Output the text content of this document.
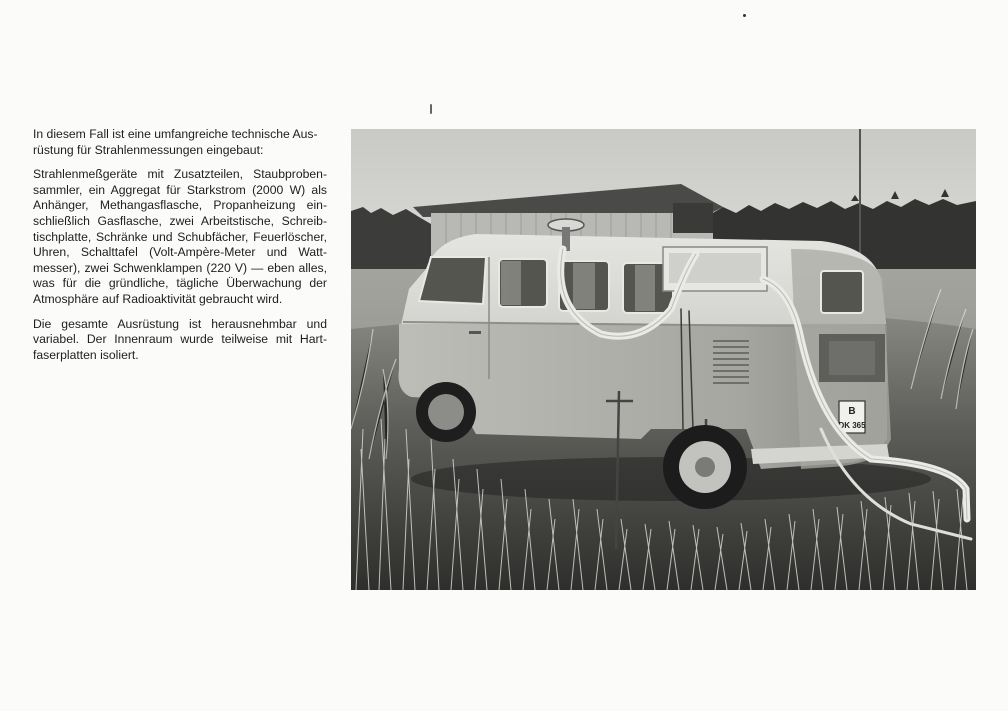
In diesem Fall ist eine umfangreiche technische Ausrüstung für Strahlenmessungen eingebaut:

Strahlenmeßgeräte mit Zusatzteilen, Staubprobensammler, ein Aggregat für Starkstrom (2000 W) als Anhänger, Methangasflasche, Propanheizung einschließlich Gasflasche, zwei Arbeitstische, Schreibtischplatte, Schränke und Schubfächer, Feuerlöscher, Uhren, Schalttafel (Volt-Ampère-Meter und Wattmesser), zwei Schwenklampen (220 V) — eben alles, was für die gründliche, tägliche Überwachung der Atmosphäre auf Radioaktivität gebraucht wird.

Die gesamte Ausrüstung ist herausnehmbar und variabel. Der Innenraum wurde teilweise mit Hartfaserplatten isoliert.

B
DK 365
